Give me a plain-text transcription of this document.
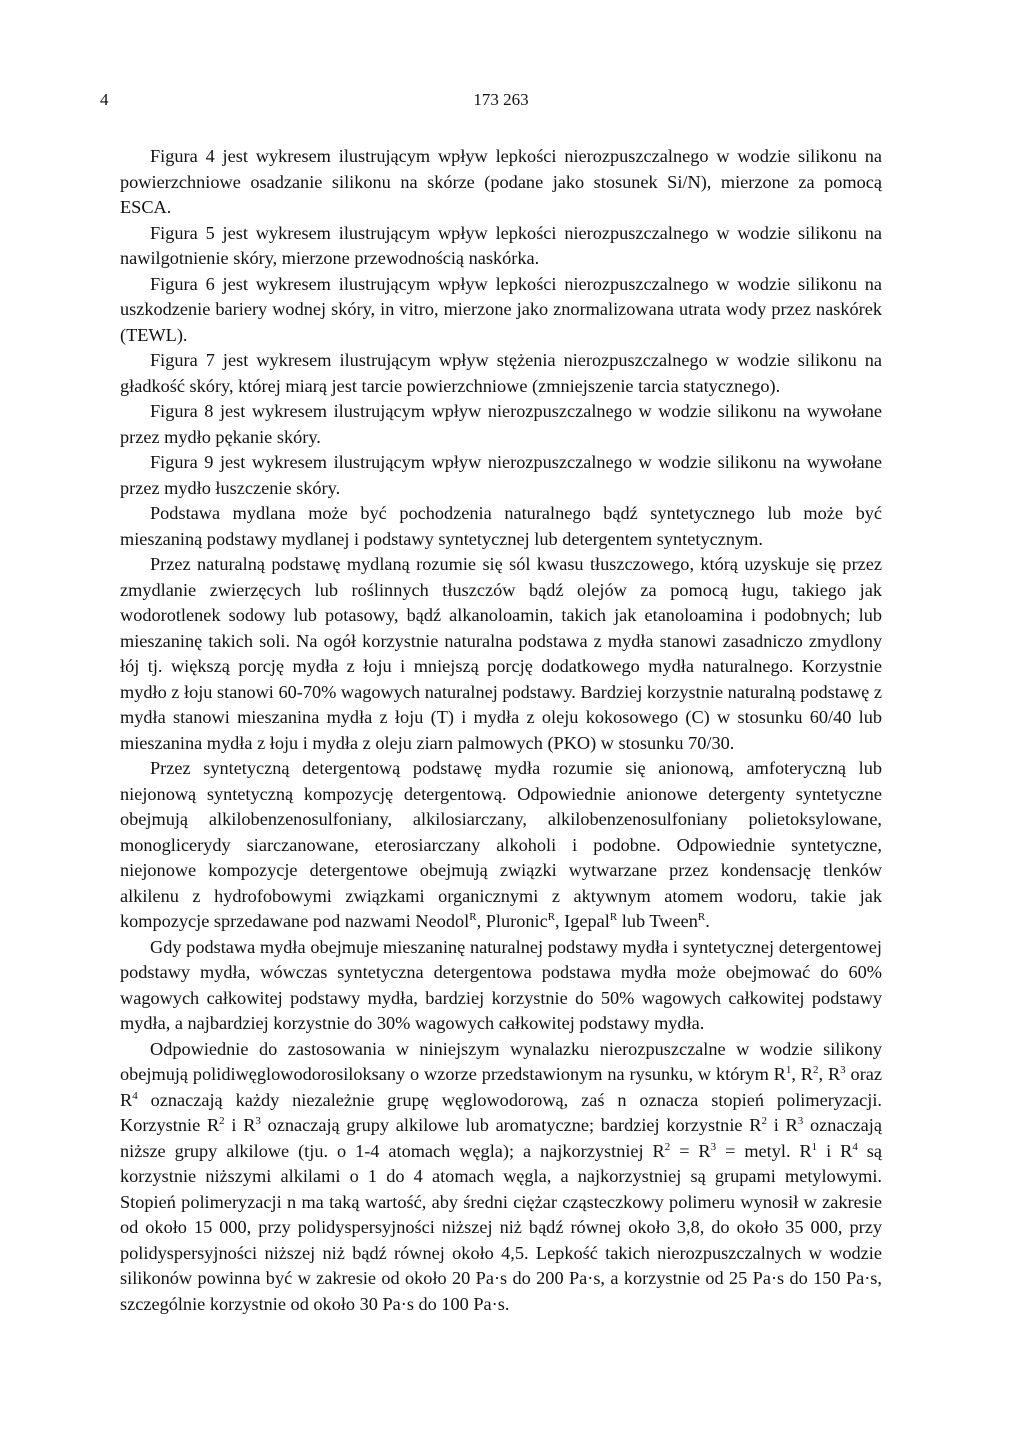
4	173 263

Figura 4 jest wykresem ilustrującym wpływ lepkości nierozpuszczalnego w wodzie silikonu na powierzchniowe osadzanie silikonu na skórze (podane jako stosunek Si/N), mierzone za pomocą ESCA.

Figura 5 jest wykresem ilustrującym wpływ lepkości nierozpuszczalnego w wodzie silikonu na nawilgotnienie skóry, mierzone przewodnością naskórka.

Figura 6 jest wykresem ilustrującym wpływ lepkości nierozpuszczalnego w wodzie silikonu na uszkodzenie bariery wodnej skóry, in vitro, mierzone jako znormalizowana utrata wody przez naskórek (TEWL).

Figura 7 jest wykresem ilustrującym wpływ stężenia nierozpuszczalnego w wodzie silikonu na gładkość skóry, której miarą jest tarcie powierzchniowe (zmniejszenie tarcia statycznego).

Figura 8 jest wykresem ilustrującym wpływ nierozpuszczalnego w wodzie silikonu na wywołane przez mydło pękanie skóry.

Figura 9 jest wykresem ilustrującym wpływ nierozpuszczalnego w wodzie silikonu na wywołane przez mydło łuszczenie skóry.

Podstawa mydlana może być pochodzenia naturalnego bądź syntetycznego lub może być mieszaniną podstawy mydlanej i podstawy syntetycznej lub detergentem syntetycznym.

Przez naturalną podstawę mydlaną rozumie się sól kwasu tłuszczowego, którą uzyskuje się przez zmydlanie zwierzęcych lub roślinnych tłuszczów bądź olejów za pomocą ługu, takiego jak wodorotlenek sodowy lub potasowy, bądź alkanoloamin, takich jak etanoloamina i podobnych; lub mieszaninę takich soli. Na ogół korzystnie naturalna podstawa z mydła stanowi zasadniczo zmydlony łój tj. większą porcję mydła z łoju i mniejszą porcję dodatkowego mydła naturalnego. Korzystnie mydło z łoju stanowi 60-70% wagowych naturalnej podstawy. Bardziej korzystnie naturalną podstawę z mydła stanowi mieszanina mydła z łoju (T) i mydła z oleju kokosowego (C) w stosunku 60/40 lub mieszanina mydła z łoju i mydła z oleju ziarn palmowych (PKO) w stosunku 70/30.

Przez syntetyczną detergentową podstawę mydła rozumie się anionową, amfoteryczną lub niejonową syntetyczną kompozycję detergentową. Odpowiednie anionowe detergenty syntetyczne obejmują alkilobenzenosulfoniany, alkilosiarczany, alkilobenzenosulfoniany polietoksylowane, monoglicerydy siarczanowane, eterosiarczany alkoholi i podobne. Odpowiednie syntetyczne, niejonowe kompozycje detergentowe obejmują związki wytwarzane przez kondensację tlenków alkilenu z hydrofobowymi związkami organicznymi z aktywnym atomem wodoru, takie jak kompozycje sprzedawane pod nazwami Neodol$^R$, Pluronic$^R$, Igepal$^R$ lub Tween$^R$.

Gdy podstawa mydła obejmuje mieszaninę naturalnej podstawy mydła i syntetycznej detergentowej podstawy mydła, wówczas syntetyczna detergentowa podstawa mydła może obejmować do 60% wagowych całkowitej podstawy mydła, bardziej korzystnie do 50% wagowych całkowitej podstawy mydła, a najbardziej korzystnie do 30% wagowych całkowitej podstawy mydła.

Odpowiednie do zastosowania w niniejszym wynalazku nierozpuszczalne w wodzie silikony obejmują polidiwęglowodorosiloksany o wzorze przedstawionym na rysunku, w którym $R^1$, $R^2$, $R^3$ oraz $R^4$ oznaczają każdy niezależnie grupę węglowodorową, zaś n oznacza stopień polimeryzacji. Korzystnie $R^2$ i $R^3$ oznaczają grupy alkilowe lub aromatyczne; bardziej korzystnie $R^2$ i $R^3$ oznaczają niższe grupy alkilowe (tju. o 1-4 atomach węgla); a najkorzystniej $R^2 = R^3$ = metyl. $R^1$ i $R^4$ są korzystnie niższymi alkilami o 1 do 4 atomach węgla, a najkorzystniej są grupami metylowymi. Stopień polimeryzacji n ma taką wartość, aby średni ciężar cząsteczkowy polimeru wynosił w zakresie od około 15 000, przy polidyspersyjności niższej niż bądź równej około 3,8, do około 35 000, przy polidyspersyjności niższej niż bądź równej około 4,5. Lepkość takich nierozpuszczalnych w wodzie silikonów powinna być w zakresie od około 20 Pa·s do 200 Pa·s, a korzystnie od 25 Pa·s do 150 Pa·s, szczególnie korzystnie od około 30 Pa·s do 100 Pa·s.
